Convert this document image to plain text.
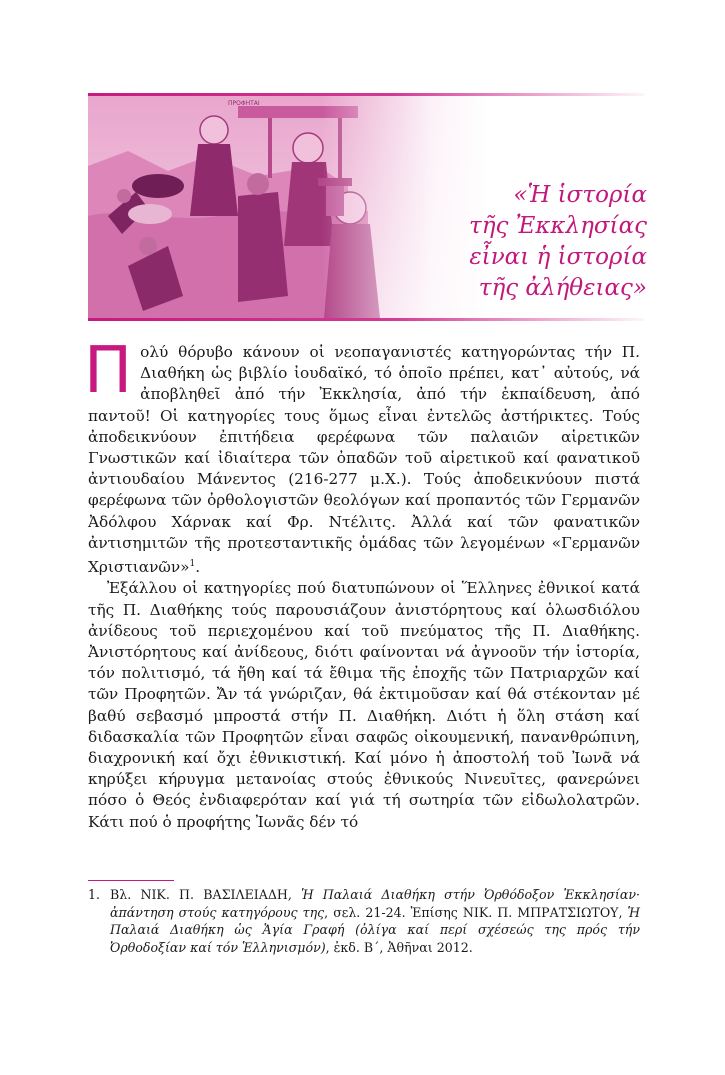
«Ἡ ἱστορία
τῆς Ἐκκλησίας
εἶναι ἡ ἱστορία
τῆς ἀλήθειας»

Πολύ θόρυβο κάνουν οἱ νεοπαγανιστές κατηγορώντας τήν Π. Διαθήκη ὡς βιβλίο ἰουδαϊκό, τό ὁποῖο πρέπει, κατ᾽ αὐτούς, νά ἀποβληθεῖ ἀπό τήν Ἐκκλησία, ἀπό τήν ἐκπαίδευση, ἀπό παντοῦ! Οἱ κατηγορίες τους ὅμως εἶναι ἐντελῶς ἀστήρικτες. Τούς ἀποδεικνύουν ἐπιτήδεια φερέφωνα τῶν παλαιῶν αἱρετικῶν Γνωστικῶν καί ἰδιαίτερα τῶν ὀπαδῶν τοῦ αἱρετικοῦ καί φανατικοῦ ἀντιουδαίου Μάνεντος (216-277 μ.Χ.). Τούς ἀποδεικνύουν πιστά φερέφωνα τῶν ὀρθολογιστῶν θεολόγων καί προπαντός τῶν Γερμανῶν Ἀδόλφου Χάρνακ καί Φρ. Ντέλιτς. Ἀλλά καί τῶν φανατικῶν ἀντισημιτῶν τῆς προτεσταντικῆς ὁμάδας τῶν λεγομένων «Γερμανῶν Χριστιανῶν»$^1$.

Ἐξάλλου οἱ κατηγορίες πού διατυπώνουν οἱ Ἕλληνες ἐθνικοί κατά τῆς Π. Διαθήκης τούς παρουσιάζουν ἀνιστόρητους καί ὁλωσδιόλου ἀνίδεους τοῦ περιεχομένου καί τοῦ πνεύματος τῆς Π. Διαθήκης. Ἀνιστόρητους καί ἀνίδεους, διότι φαίνονται νά ἀγνοοῦν τήν ἱστορία, τόν πολιτισμό, τά ἤθη καί τά ἔθιμα τῆς ἐποχῆς τῶν Πατριαρχῶν καί τῶν Προφητῶν. Ἄν τά γνώριζαν, θά ἐκτιμοῦσαν καί θά στέκονταν μέ βαθύ σεβασμό μπροστά στήν Π. Διαθήκη. Διότι ἡ ὅλη στάση καί διδασκαλία τῶν Προφητῶν εἶναι σαφῶς οἰκουμενική, πανανθρώπινη, διαχρονική καί ὄχι ἐθνικιστική. Καί μόνο ἡ ἀποστολή τοῦ Ἰωνᾶ νά κηρύξει κήρυγμα μετανοίας στούς ἐθνικούς Νινευῖτες, φανερώνει πόσο ὁ Θεός ἐνδιαφερόταν καί γιά τή σωτηρία τῶν εἰδωλολατρῶν. Κάτι πού ὁ προφήτης Ἰωνᾶς δέν τό

1. Βλ. ΝΙΚ. Π. ΒΑΣΙΛΕΙΑΔΗ, Ἡ Παλαιά Διαθήκη στήν Ὀρθόδοξον Ἐκκλησίαν· ἀπάντηση στούς κατηγόρους της, σελ. 21-24. Ἐπίσης ΝΙΚ. Π. ΜΠΡΑΤΣΙΩΤΟΥ, Ἡ Παλαιά Διαθήκη ὡς Ἁγία Γραφή (ὀλίγα καί περί σχέσεώς της πρός τήν Ὀρθοδοξίαν καί τόν Ἑλληνισμόν), ἐκδ. Β΄, Ἀθῆναι 2012.
